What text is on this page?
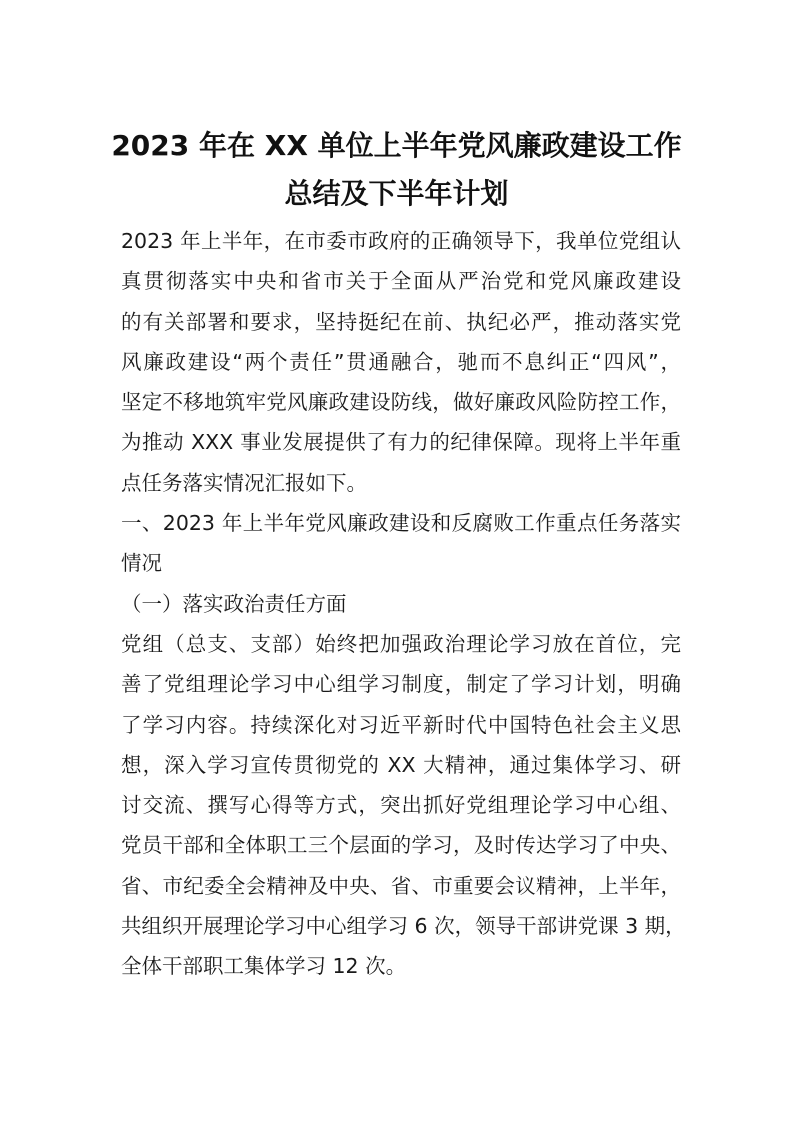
2023 年在 XX 单位上半年党风廉政建设工作
总结及下半年计划
2023 年上半年，在市委市政府的正确领导下，我单位党组认
真贯彻落实中央和省市关于全面从严治党和党风廉政建设
的有关部署和要求，坚持挺纪在前、执纪必严，推动落实党
风廉政建设“两个责任”贯通融合，驰而不息纠正“四风”，
坚定不移地筑牢党风廉政建设防线，做好廉政风险防控工作，
为推动 XXX 事业发展提供了有力的纪律保障。现将上半年重
点任务落实情况汇报如下。
一、2023 年上半年党风廉政建设和反腐败工作重点任务落实
情况
（一）落实政治责任方面
党组（总支、支部）始终把加强政治理论学习放在首位，完
善了党组理论学习中心组学习制度，制定了学习计划，明确
了学习内容。持续深化对习近平新时代中国特色社会主义思
想，深入学习宣传贯彻党的 XX 大精神，通过集体学习、研
讨交流、撰写心得等方式，突出抓好党组理论学习中心组、
党员干部和全体职工三个层面的学习，及时传达学习了中央、
省、市纪委全会精神及中央、省、市重要会议精神，上半年，
共组织开展理论学习中心组学习 6 次，领导干部讲党课 3 期，
全体干部职工集体学习 12 次。
